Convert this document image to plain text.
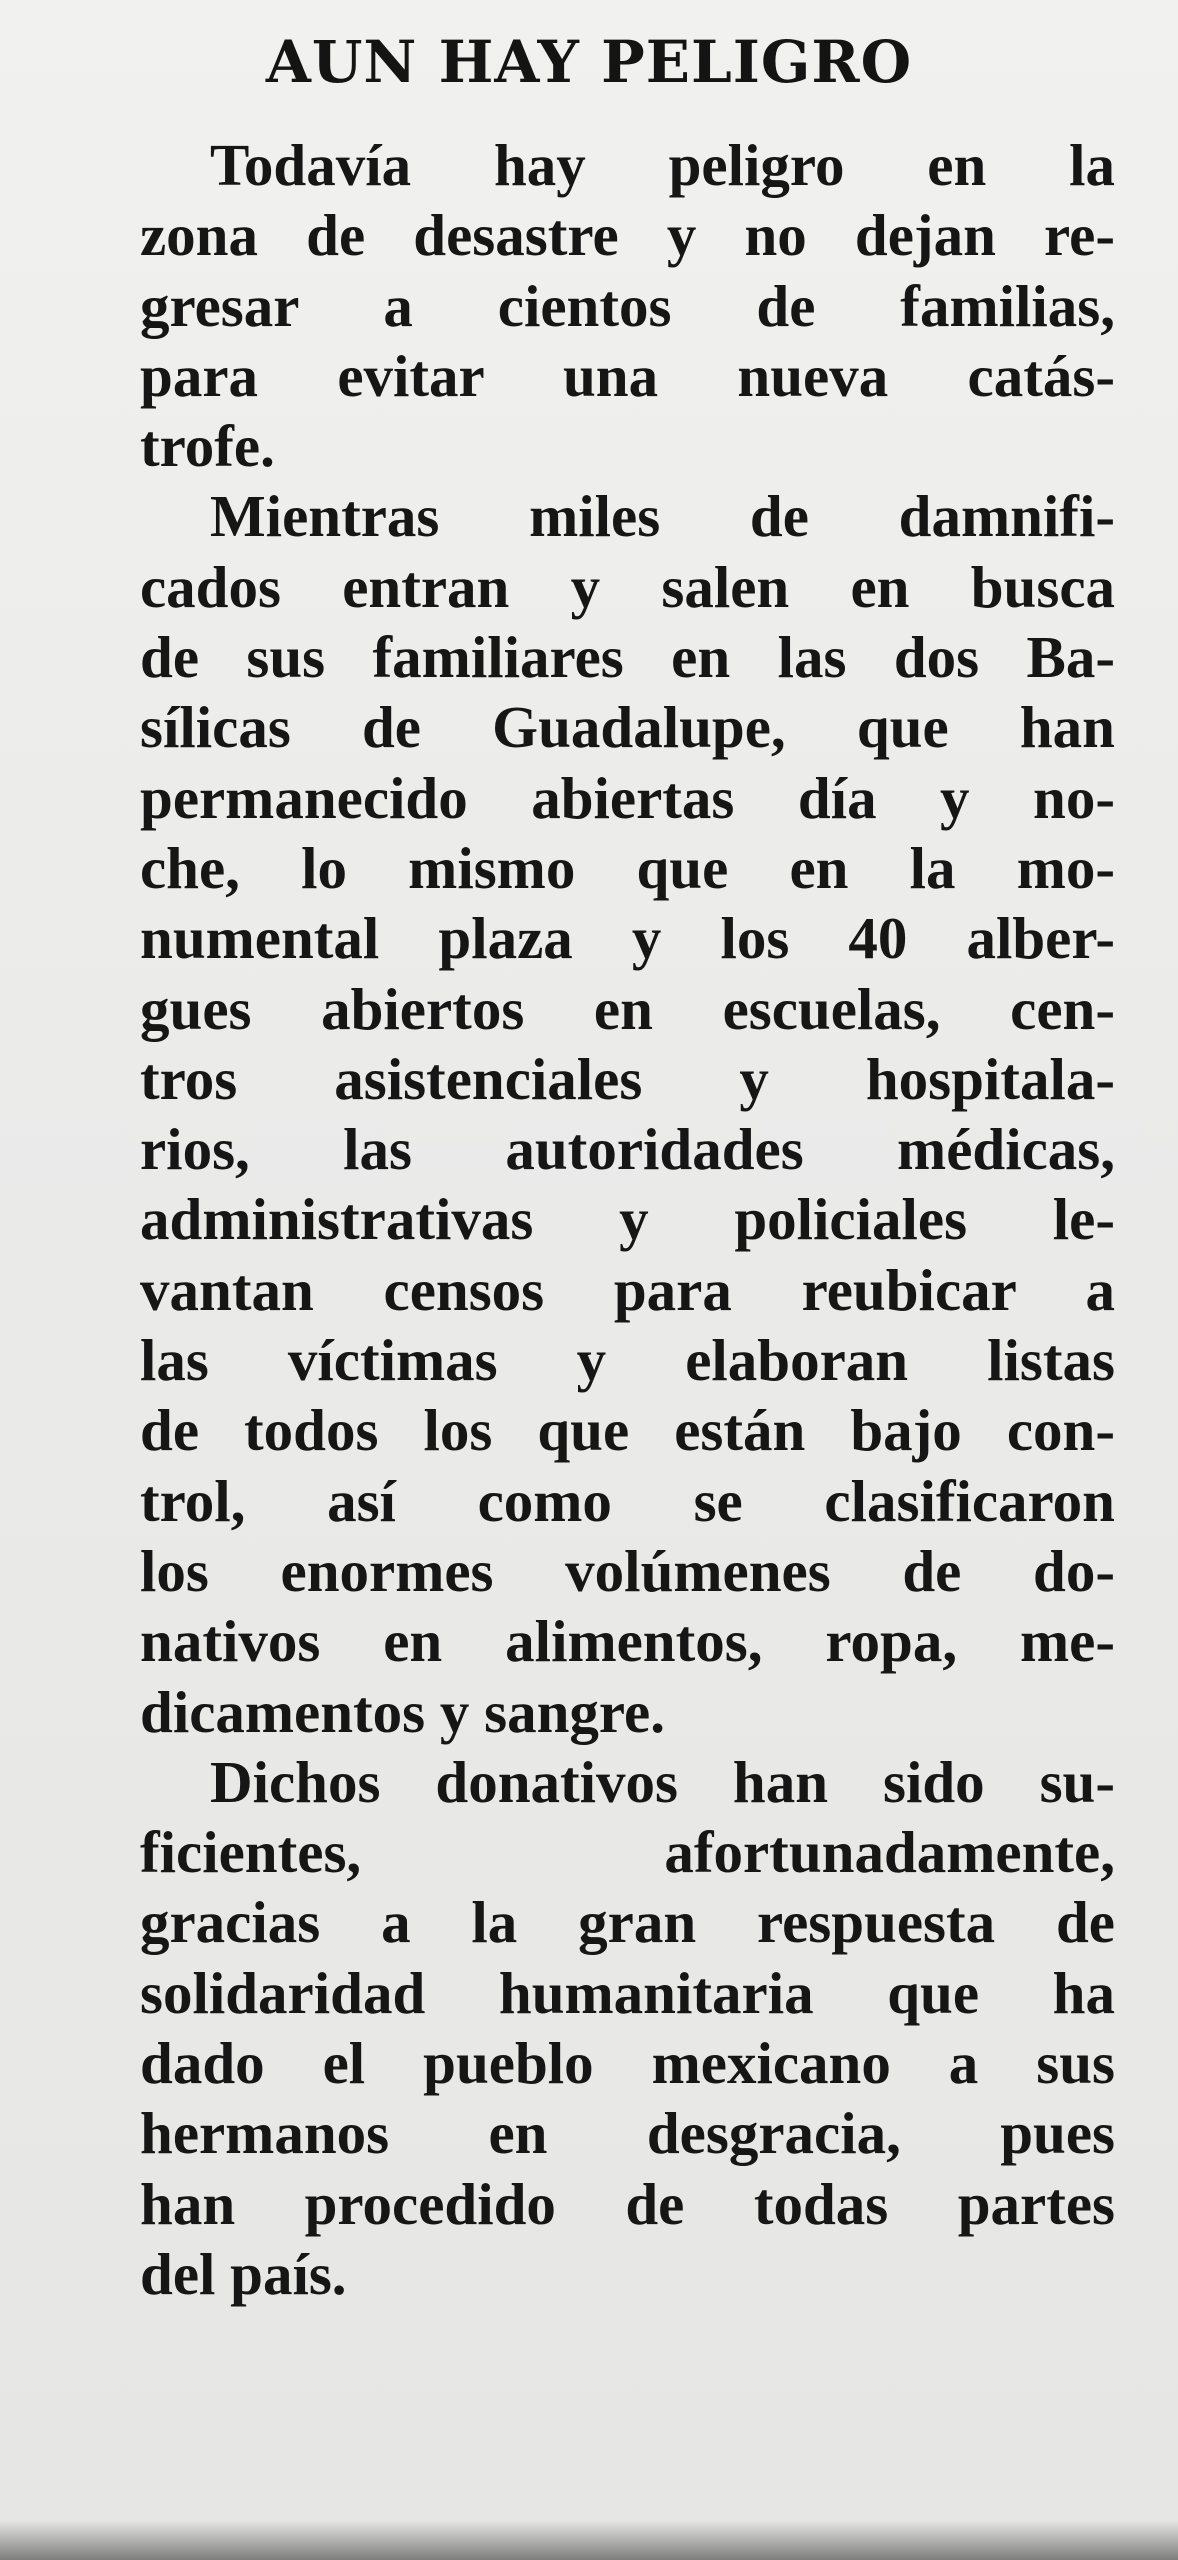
AUN HAY PELIGRO

Todavía hay peligro en la
zona de desastre y no dejan re-
gresar a cientos de familias,
para evitar una nueva catás-
trofe.

Mientras miles de damnifi-
cados entran y salen en busca
de sus familiares en las dos Ba-
sílicas de Guadalupe, que han
permanecido abiertas día y no-
che, lo mismo que en la mo-
numental plaza y los 40 alber-
gues abiertos en escuelas, cen-
tros asistenciales y hospitala-
rios, las autoridades médicas,
administrativas y policiales le-
vantan censos para reubicar a
las víctimas y elaboran listas
de todos los que están bajo con-
trol, así como se clasificaron
los enormes volúmenes de do-
nativos en alimentos, ropa, me-
dicamentos y sangre.

Dichos donativos han sido su-
ficientes, afortunadamente,
gracias a la gran respuesta de
solidaridad humanitaria que ha
dado el pueblo mexicano a sus
hermanos en desgracia, pues
han procedido de todas partes
del país.
